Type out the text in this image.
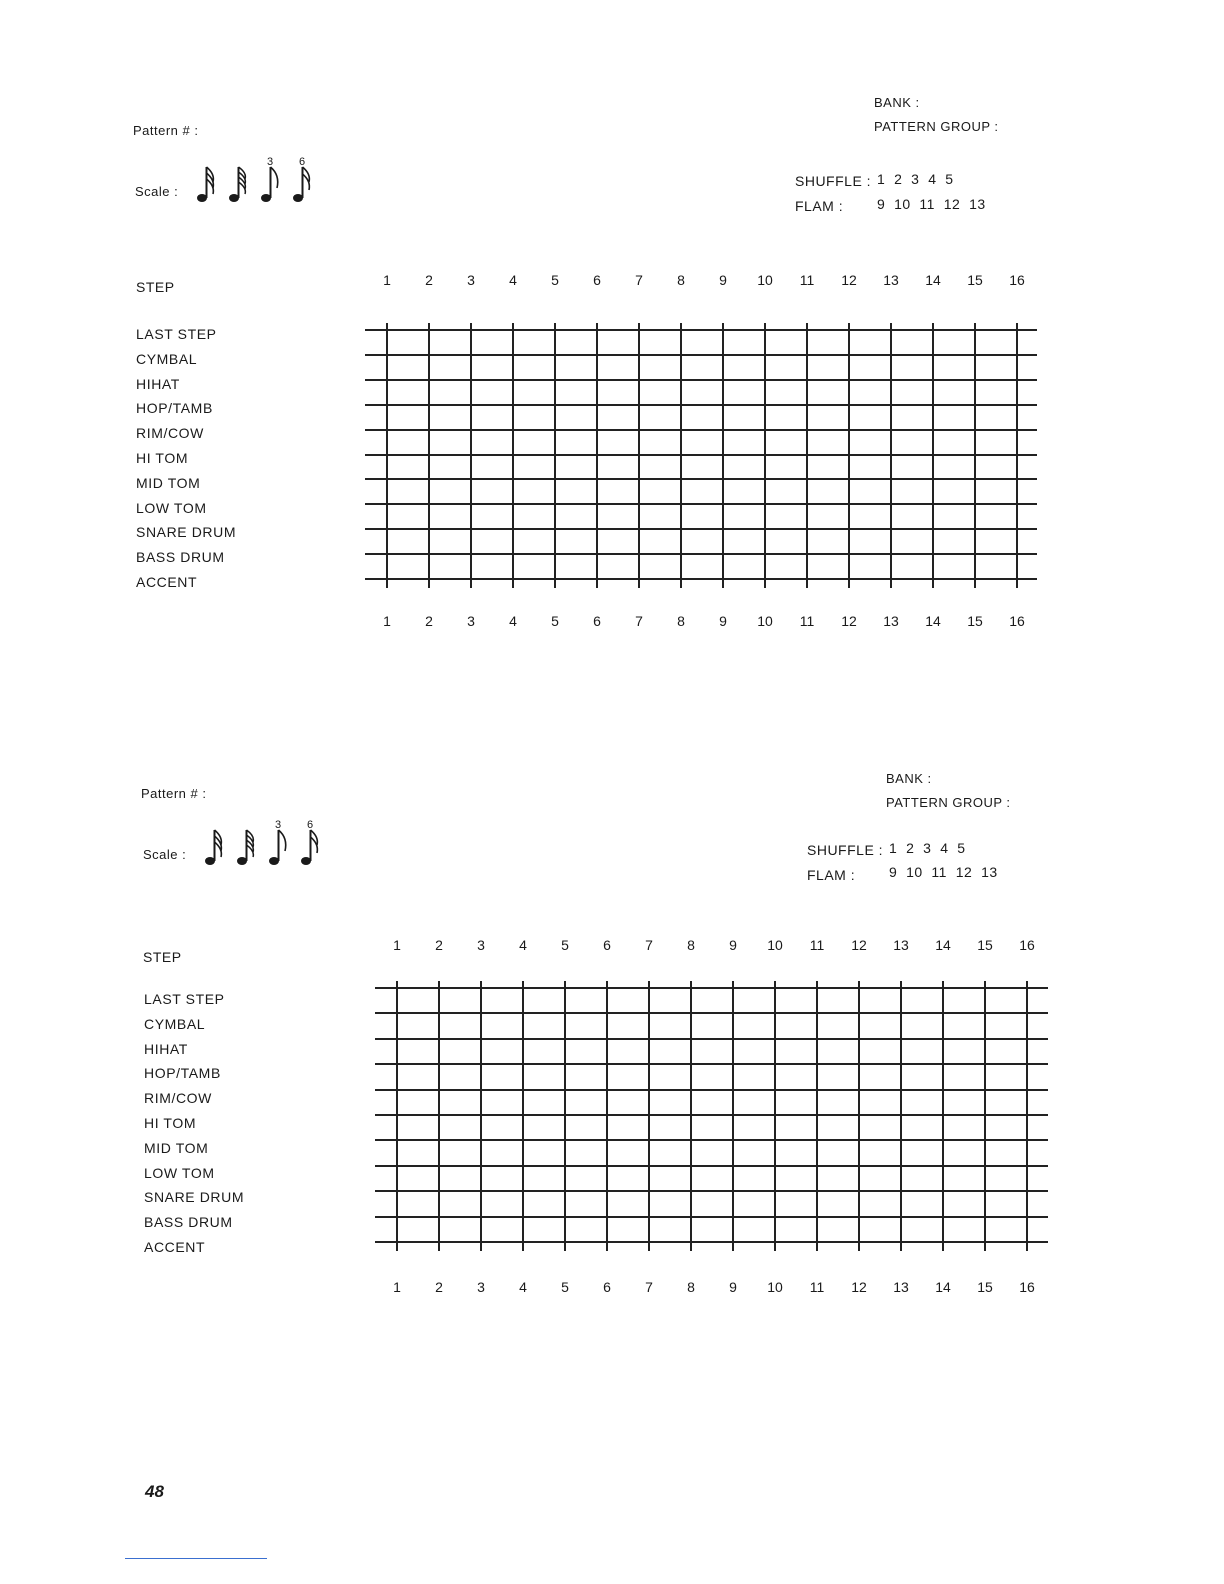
Pattern # :
Scale :
3 6
BANK :
PATTERN GROUP :
SHUFFLE : 1  2  3  4  5
FLAM : 9  10  11  12  13
STEP
LAST STEP
CYMBAL
HIHAT
HOP/TAMB
RIM/COW
HI TOM
MID TOM
LOW TOM
SNARE DRUM
BASS DRUM
ACCENT
1	2	3	4	5	6	7	8	9	10	11	12	13	14	15	16
1	2	3	4	5	6	7	8	9	10	11	12	13	14	15	16
Pattern # :
Scale :
3 6
BANK :
PATTERN GROUP :
SHUFFLE : 1  2  3  4  5
FLAM : 9  10  11  12  13
STEP
LAST STEP
CYMBAL
HIHAT
HOP/TAMB
RIM/COW
HI TOM
MID TOM
LOW TOM
SNARE DRUM
BASS DRUM
ACCENT
1	2	3	4	5	6	7	8	9	10	11	12	13	14	15	16
1	2	3	4	5	6	7	8	9	10	11	12	13	14	15	16
48
